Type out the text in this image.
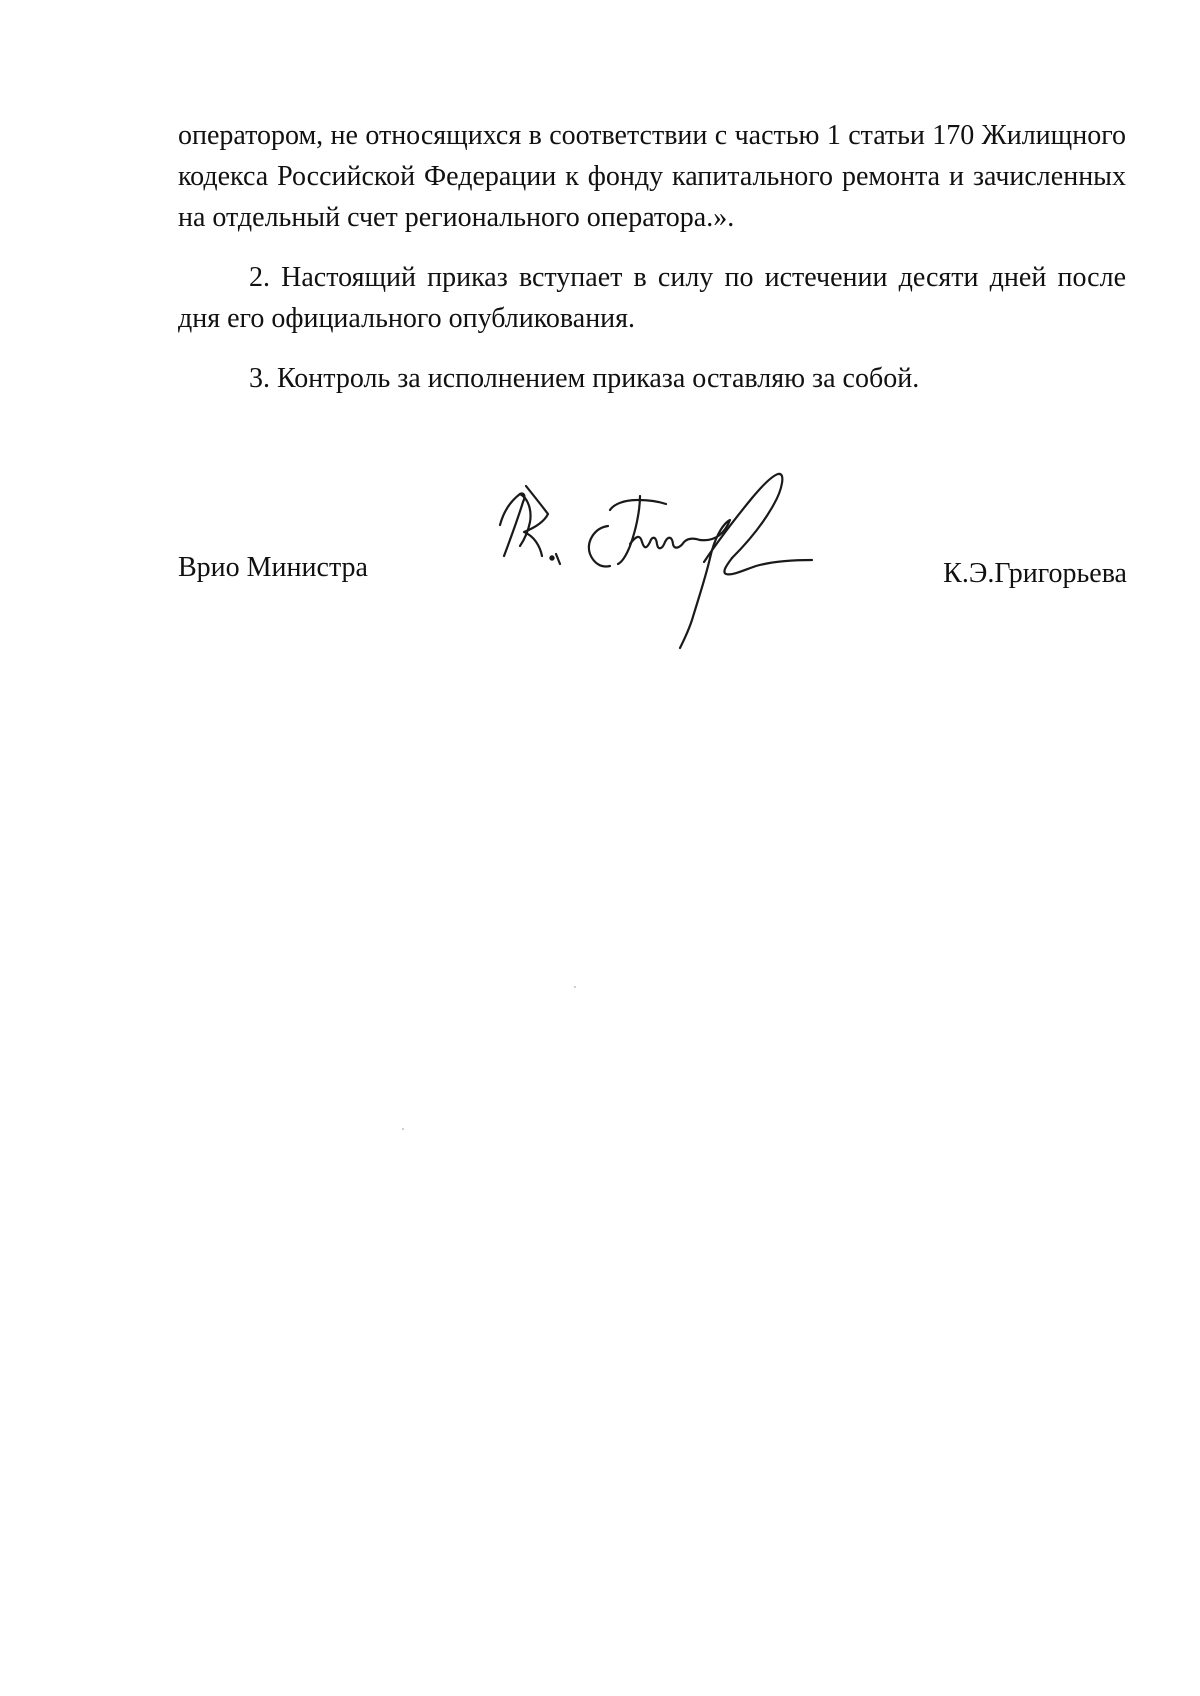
оператором, не относящихся в соответствии с частью 1 статьи 170 Жилищного кодекса Российской Федерации к фонду капитального ремонта и зачисленных на отдельный счет регионального оператора.».

2. Настоящий приказ вступает в силу по истечении десяти дней после дня его официального опубликования.

3. Контроль за исполнением приказа оставляю за собой.

Врио Министра	К.Э.Григорьева
